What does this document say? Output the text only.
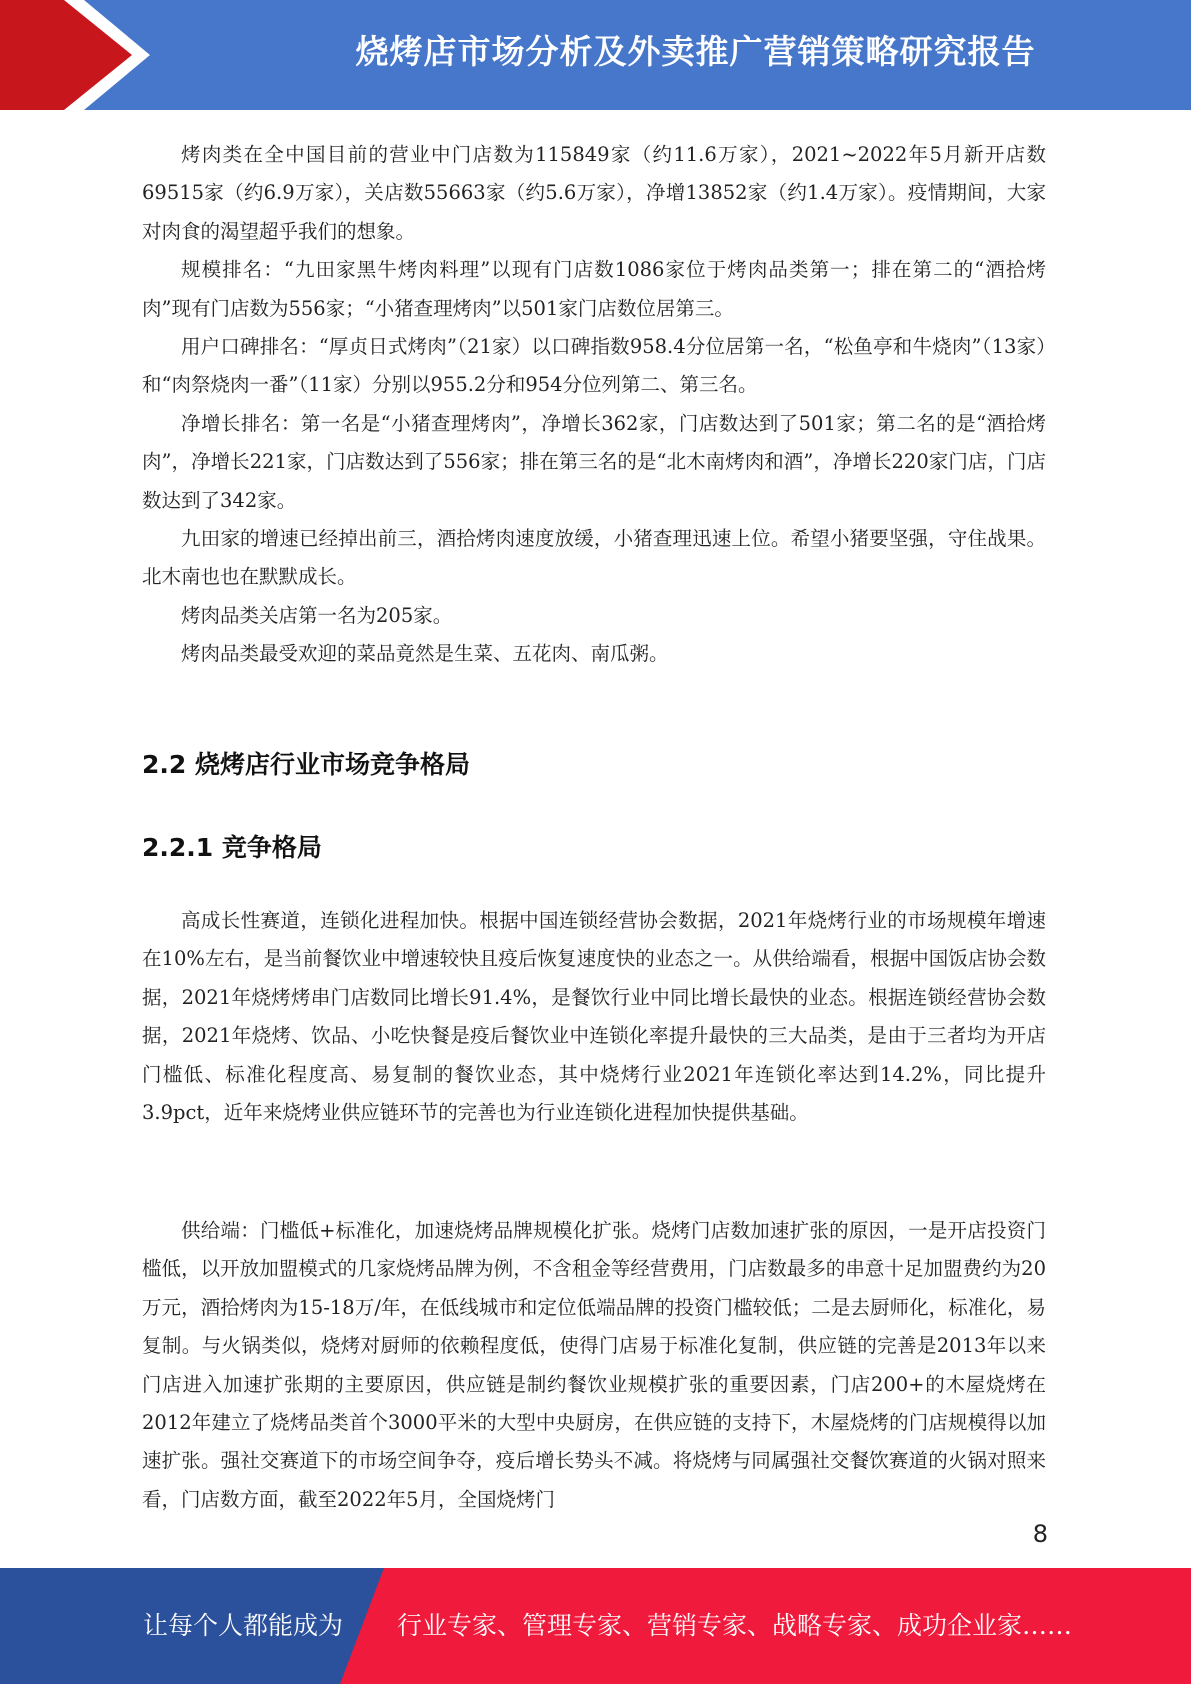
烧烤店市场分析及外卖推广营销策略研究报告

烤肉类在全中国目前的营业中门店数为115849家（约11.6万家），2021~2022年5月新开店数69515家（约6.9万家），关店数55663家（约5.6万家），净增13852家（约1.4万家）。疫情期间，大家对肉食的渴望超乎我们的想象。

规模排名：“九田家黑牛烤肉料理”以现有门店数1086家位于烤肉品类第一；排在第二的“酒拾烤肉”现有门店数为556家；“小猪查理烤肉”以501家门店数位居第三。

用户口碑排名：“厚贞日式烤肉”（21家）以口碑指数958.4分位居第一名，“松鱼亭和牛烧肉”（13家）和“肉祭烧肉一番”（11家）分别以955.2分和954分位列第二、第三名。

净增长排名：第一名是“小猪查理烤肉”，净增长362家，门店数达到了501家；第二名的是“酒拾烤肉”，净增长221家，门店数达到了556家；排在第三名的是“北木南烤肉和酒”，净增长220家门店，门店数达到了342家。

九田家的增速已经掉出前三，酒拾烤肉速度放缓，小猪查理迅速上位。希望小猪要坚强，守住战果。北木南也也在默默成长。

烤肉品类关店第一名为205家。

烤肉品类最受欢迎的菜品竟然是生菜、五花肉、南瓜粥。

2.2 烧烤店行业市场竞争格局
2.2.1 竞争格局

高成长性赛道，连锁化进程加快。根据中国连锁经营协会数据，2021年烧烤行业的市场规模年增速在10%左右，是当前餐饮业中增速较快且疫后恢复速度快的业态之一。从供给端看，根据中国饭店协会数据，2021年烧烤烤串门店数同比增长91.4%，是餐饮行业中同比增长最快的业态。根据连锁经营协会数据，2021年烧烤、饮品、小吃快餐是疫后餐饮业中连锁化率提升最快的三大品类，是由于三者均为开店门槛低、标准化程度高、易复制的餐饮业态，其中烧烤行业2021年连锁化率达到14.2%，同比提升3.9pct，近年来烧烤业供应链环节的完善也为行业连锁化进程加快提供基础。

供给端：门槛低+标准化，加速烧烤品牌规模化扩张。烧烤门店数加速扩张的原因，一是开店投资门槛低，以开放加盟模式的几家烧烤品牌为例，不含租金等经营费用，门店数最多的串意十足加盟费约为20万元，酒拾烤肉为15-18万/年，在低线城市和定位低端品牌的投资门槛较低；二是去厨师化，标准化，易复制。与火锅类似，烧烤对厨师的依赖程度低，使得门店易于标准化复制，供应链的完善是2013年以来门店进入加速扩张期的主要原因，供应链是制约餐饮业规模扩张的重要因素，门店200+的木屋烧烤在2012年建立了烧烤品类首个3000平米的大型中央厨房，在供应链的支持下，木屋烧烤的门店规模得以加速扩张。强社交赛道下的市场空间争夺，疫后增长势头不减。将烧烤与同属强社交餐饮赛道的火锅对照来看，门店数方面，截至2022年5月，全国烧烤门

8
让每个人都能成为 行业专家、管理专家、营销专家、战略专家、成功企业家……
